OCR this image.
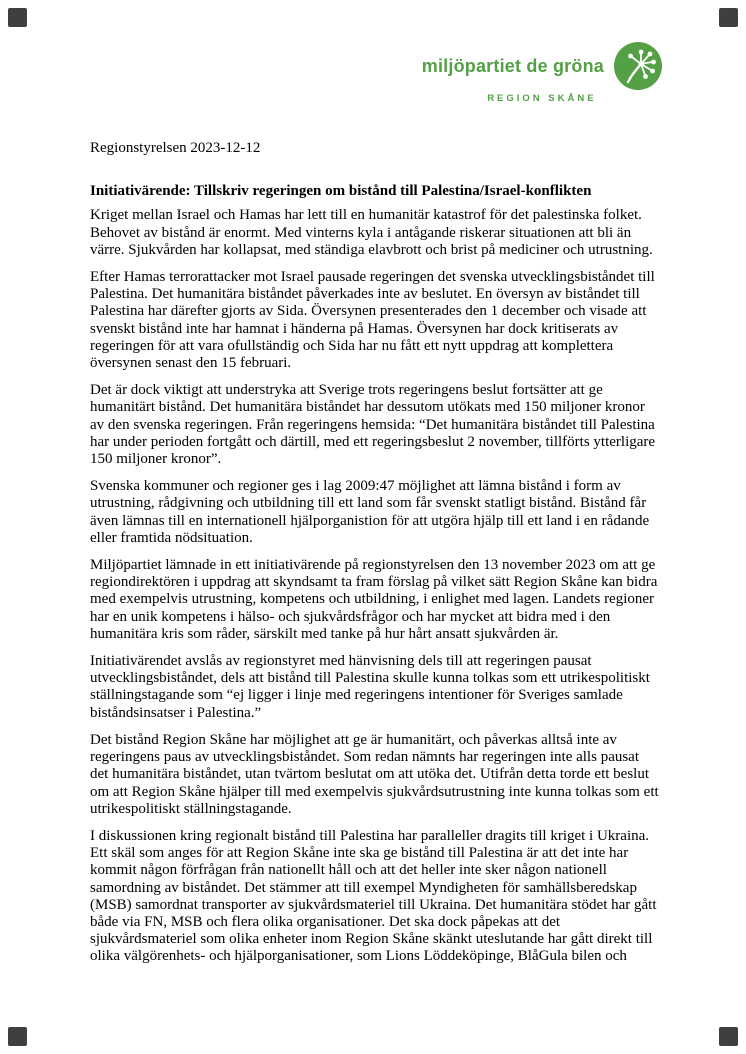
miljöpartiet de gröna
REGION SKÅNE

Regionstyrelsen 2023-12-12

Initiativärende: Tillskriv regeringen om bistånd till Palestina/Israel-konflikten

Kriget mellan Israel och Hamas har lett till en humanitär katastrof för det palestinska folket. Behovet av bistånd är enormt. Med vinterns kyla i antågande riskerar situationen att bli än värre. Sjukvården har kollapsat, med ständiga elavbrott och brist på mediciner och utrustning.

Efter Hamas terrorattacker mot Israel pausade regeringen det svenska utvecklingsbiståndet till Palestina. Det humanitära biståndet påverkades inte av beslutet. En översyn av biståndet till Palestina har därefter gjorts av Sida. Översynen presenterades den 1 december och visade att svenskt bistånd inte har hamnat i händerna på Hamas. Översynen har dock kritiserats av regeringen för att vara ofullständig och Sida har nu fått ett nytt uppdrag att komplettera översynen senast den 15 februari.

Det är dock viktigt att understryka att Sverige trots regeringens beslut fortsätter att ge humanitärt bistånd. Det humanitära biståndet har dessutom utökats med 150 miljoner kronor av den svenska regeringen. Från regeringens hemsida: “Det humanitära biståndet till Palestina har under perioden fortgått och därtill, med ett regeringsbeslut 2 november, tillförts ytterligare 150 miljoner kronor”.

Svenska kommuner och regioner ges i lag 2009:47 möjlighet att lämna bistånd i form av utrustning, rådgivning och utbildning till ett land som får svenskt statligt bistånd. Bistånd får även lämnas till en internationell hjälporganistion för att utgöra hjälp till ett land i en rådande eller framtida nödsituation.

Miljöpartiet lämnade in ett initiativärende på regionstyrelsen den 13 november 2023 om att ge regiondirektören i uppdrag att skyndsamt ta fram förslag på vilket sätt Region Skåne kan bidra med exempelvis utrustning, kompetens och utbildning, i enlighet med lagen. Landets regioner har en unik kompetens i hälso- och sjukvårdsfrågor och har mycket att bidra med i den humanitära kris som råder, särskilt med tanke på hur hårt ansatt sjukvården är.

Initiativärendet avslås av regionstyret med hänvisning dels till att regeringen pausat utvecklingsbiståndet, dels att bistånd till Palestina skulle kunna tolkas som ett utrikespolitiskt ställningstagande som “ej ligger i linje med regeringens intentioner för Sveriges samlade biståndsinsatser i Palestina.”

Det bistånd Region Skåne har möjlighet att ge är humanitärt, och påverkas alltså inte av regeringens paus av utvecklingsbiståndet. Som redan nämnts har regeringen inte alls pausat det humanitära biståndet, utan tvärtom beslutat om att utöka det. Utifrån detta torde ett beslut om att Region Skåne hjälper till med exempelvis sjukvårdsutrustning inte kunna tolkas som ett utrikespolitiskt ställningstagande.

I diskussionen kring regionalt bistånd till Palestina har paralleller dragits till kriget i Ukraina. Ett skäl som anges för att Region Skåne inte ska ge bistånd till Palestina är att det inte har kommit någon förfrågan från nationellt håll och att det heller inte sker någon nationell samordning av biståndet. Det stämmer att till exempel Myndigheten för samhällsberedskap (MSB) samordnat transporter av sjukvårdsmateriel till Ukraina. Det humanitära stödet har gått både via FN, MSB och flera olika organisationer. Det ska dock påpekas att det sjukvårdsmateriel som olika enheter inom Region Skåne skänkt uteslutande har gått direkt till olika välgörenhets- och hjälporganisationer, som Lions Löddeköpinge, BlåGula bilen och
